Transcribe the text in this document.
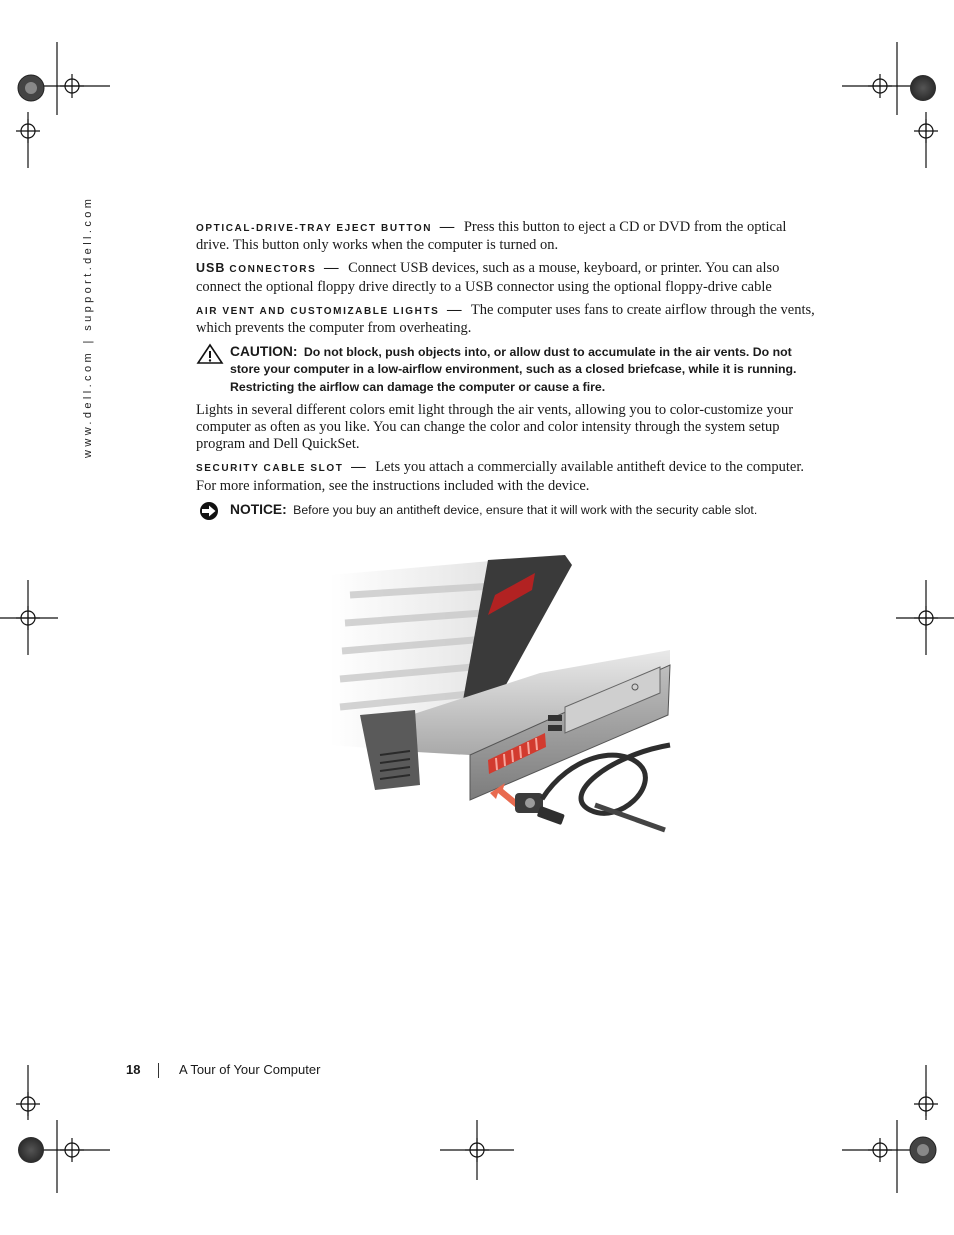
www.dell.com | support.dell.com	OPTICAL-DRIVE-TRAY EJECT BUTTON — Press this button to eject a CD or DVD from the optical drive. This button only works when the computer is turned on.

USB CONNECTORS — Connect USB devices, such as a mouse, keyboard, or printer. You can also connect the optional floppy drive directly to a USB connector using the optional floppy-drive cable

AIR VENT AND CUSTOMIZABLE LIGHTS — The computer uses fans to create airflow through the vents, which prevents the computer from overheating.

CAUTION: Do not block, push objects into, or allow dust to accumulate in the air vents. Do not store your computer in a low-airflow environment, such as a closed briefcase, while it is running. Restricting the airflow can damage the computer or cause a fire.

Lights in several different colors emit light through the air vents, allowing you to color-customize your computer as often as you like. You can change the color and color intensity through the system setup program and Dell QuickSet.

SECURITY CABLE SLOT — Lets you attach a commercially available antitheft device to the computer. For more information, see the instructions included with the device.

NOTICE: Before you buy an antitheft device, ensure that it will work with the security cable slot.
18	A Tour of Your Computer
